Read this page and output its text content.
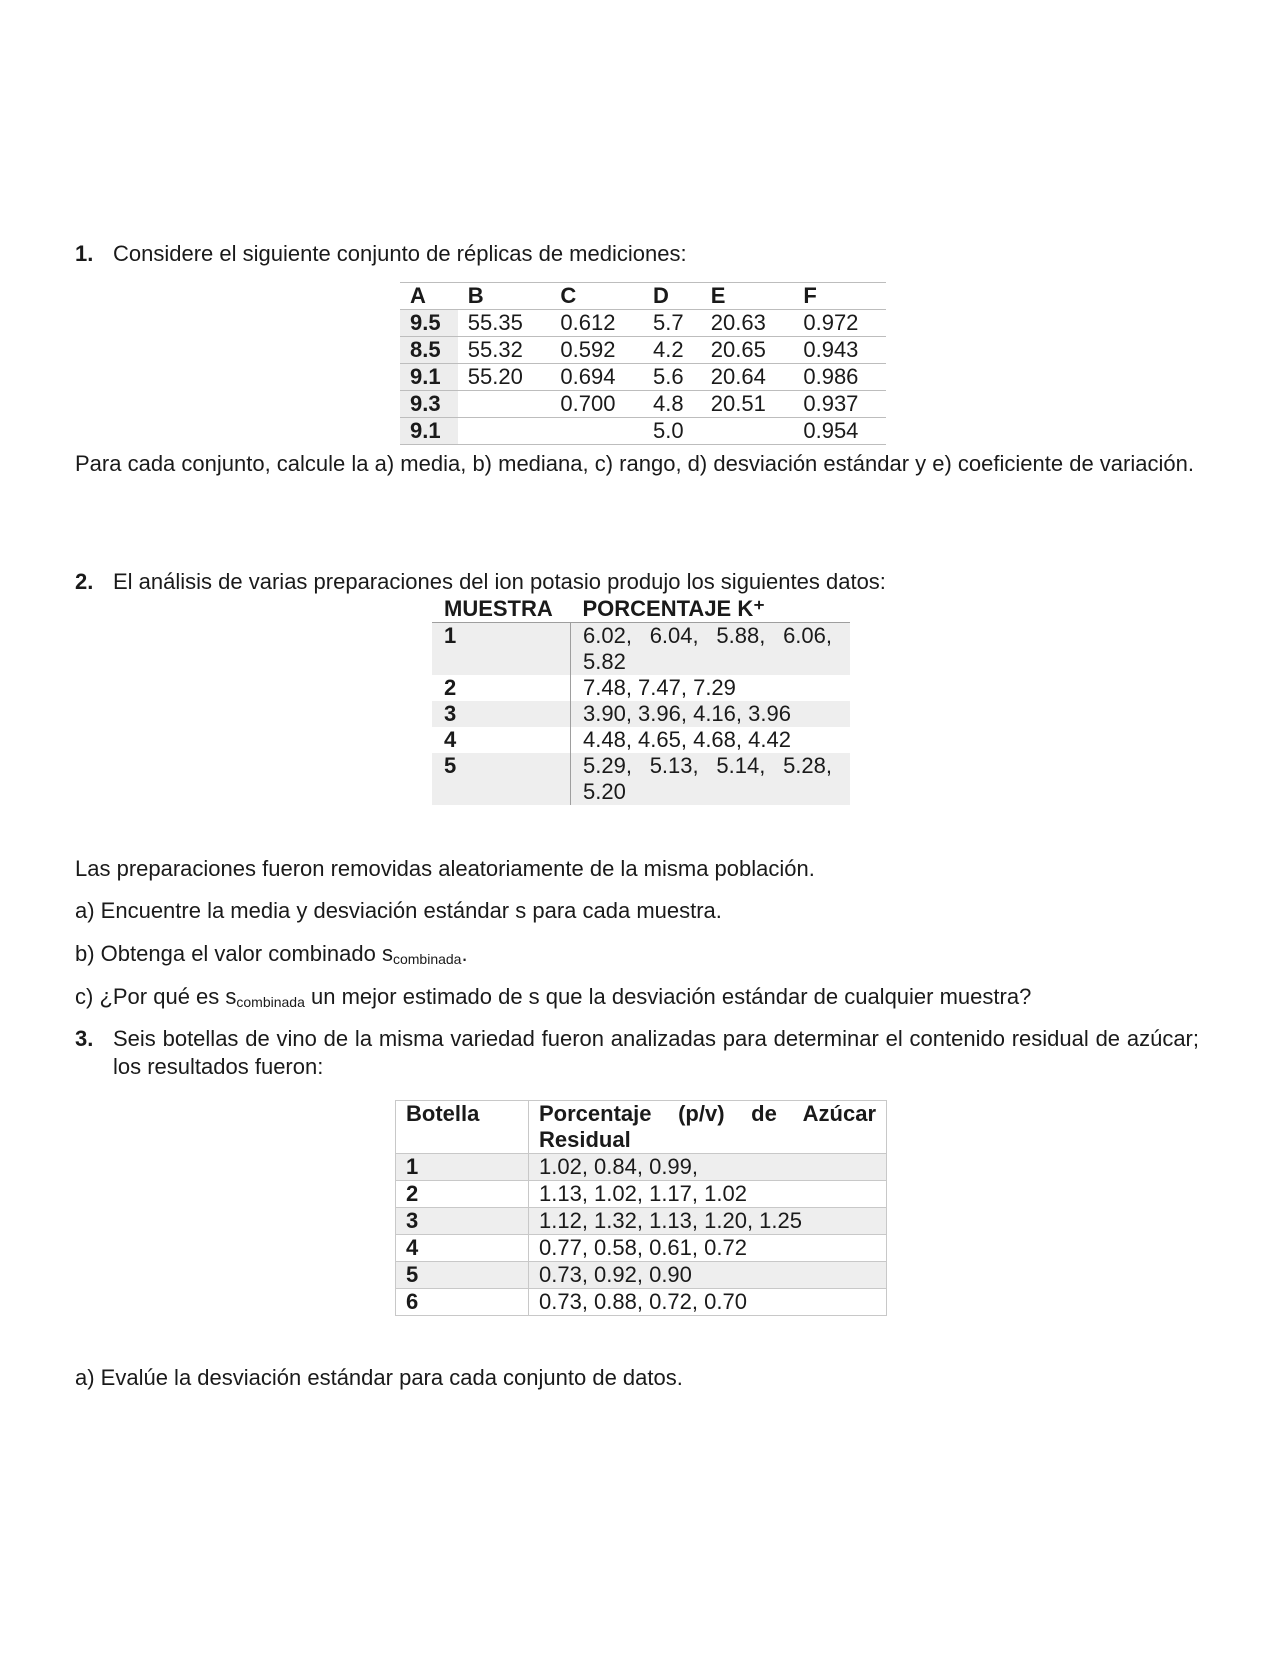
1. Considere el siguiente conjunto de réplicas de mediciones:

A	B	C	D	E	F
9.5	55.35	0.612	5.7	20.63	0.972
8.5	55.32	0.592	4.2	20.65	0.943
9.1	55.20	0.694	5.6	20.64	0.986
9.3		0.700	4.8	20.51	0.937
9.1			5.0		0.954

Para cada conjunto, calcule la a) media, b) mediana, c) rango, d) desviación estándar y e) coeficiente de variación.

2. El análisis de varias preparaciones del ion potasio produjo los siguientes datos:

MUESTRA	PORCENTAJE K⁺
1	6.02, 6.04, 5.88, 6.06, 5.82
2	7.48, 7.47, 7.29
3	3.90, 3.96, 4.16, 3.96
4	4.48, 4.65, 4.68, 4.42
5	5.29, 5.13, 5.14, 5.28, 5.20

Las preparaciones fueron removidas aleatoriamente de la misma población.

a) Encuentre la media y desviación estándar s para cada muestra.

b) Obtenga el valor combinado $s_{combinada}$.

c) ¿Por qué es $s_{combinada}$ un mejor estimado de s que la desviación estándar de cualquier muestra?

3. Seis botellas de vino de la misma variedad fueron analizadas para determinar el contenido residual de azúcar; los resultados fueron:

Botella	Porcentaje (p/v) de Azúcar Residual
1	1.02, 0.84, 0.99,
2	1.13, 1.02, 1.17, 1.02
3	1.12, 1.32, 1.13, 1.20, 1.25
4	0.77, 0.58, 0.61, 0.72
5	0.73, 0.92, 0.90
6	0.73, 0.88, 0.72, 0.70

a) Evalúe la desviación estándar para cada conjunto de datos.
